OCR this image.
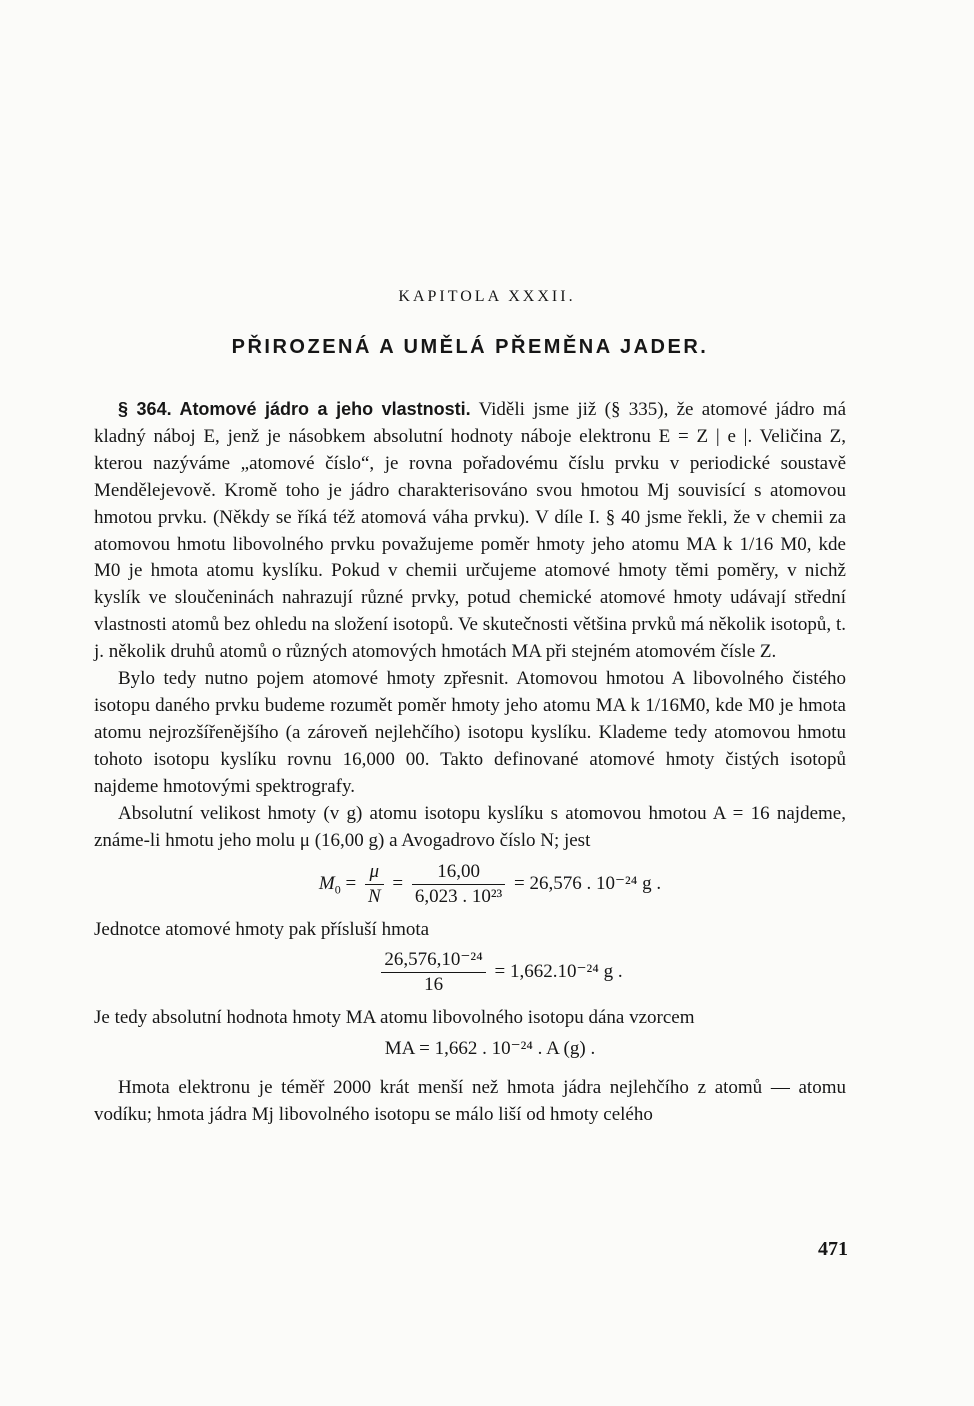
KAPITOLA XXXII.
PŘIROZENÁ A UMĚLÁ PŘEMĚNA JADER.

§ 364. Atomové jádro a jeho vlastnosti. Viděli jsme již (§ 335), že atomové jádro má kladný náboj E, jenž je násobkem absolutní hodnoty náboje elektronu E = Z | e |. Veličina Z, kterou nazýváme „atomové číslo“, je rovna pořadovému číslu prvku v periodické soustavě Mendělejevově. Kromě toho je jádro charakterisováno svou hmotou Mj souvisící s atomovou hmotou prvku. (Někdy se říká též atomová váha prvku). V díle I. § 40 jsme řekli, že v chemii za atomovou hmotu libovolného prvku považujeme poměr hmoty jeho atomu MA k 1/16 M0, kde M0 je hmota atomu kyslíku. Pokud v chemii určujeme atomové hmoty těmi poměry, v nichž kyslík ve sloučeninách nahrazují různé prvky, potud chemické atomové hmoty udávají střední vlastnosti atomů bez ohledu na složení isotopů. Ve skutečnosti většina prvků má několik isotopů, t. j. několik druhů atomů o různých atomových hmotách MA při stejném atomovém čísle Z.

Bylo tedy nutno pojem atomové hmoty zpřesnit. Atomovou hmotou A libovolného čistého isotopu daného prvku budeme rozumět poměr hmoty jeho atomu MA k 1/16M0, kde M0 je hmota atomu nejrozšířenějšího (a zároveň nejlehčího) isotopu kyslíku. Klademe tedy atomovou hmotu tohoto isotopu kyslíku rovnu 16,000 00. Takto definované atomové hmoty čistých isotopů najdeme hmotovými spektrografy.

Absolutní velikost hmoty (v g) atomu isotopu kyslíku s atomovou hmotou A = 16 najdeme, známe-li hmotu jeho molu μ (16,00 g) a Avogadrovo číslo N; jest

$M_0 = \frac{\mu}{N} = \frac{16,00}{\text{6,023 . 10²³}} = 26,576$ . 10⁻²⁴ g .

Jednotce atomové hmoty pak přísluší hmota

$\frac{\text{26,576,10⁻²⁴}}{16} = 1,662.10^{-24}$ g .

Je tedy absolutní hodnota hmoty MA atomu libovolného isotopu dána vzorcem

MA = 1,662 . 10⁻²⁴ . A (g) .

Hmota elektronu je téměř 2000 krát menší než hmota jádra nejlehčího z atomů — atomu vodíku; hmota jádra Mj libovolného isotopu se málo liší od hmoty celého

471
